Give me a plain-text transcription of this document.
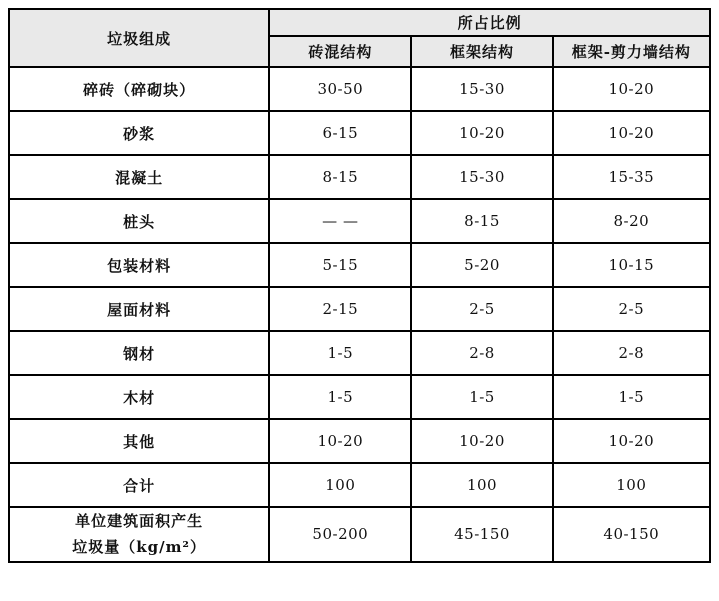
垃圾组成	所占比例		
	砖混结构	框架结构	框架-剪力墙结构
碎砖（碎砌块）	30-50	15-30	10-20
砂浆	6-15	10-20	10-20
混凝土	8-15	15-30	15-35
桩头	— —	8-15	8-20
包装材料	5-15	5-20	10-15
屋面材料	2-15	2-5	2-5
钢材	1-5	2-8	2-8
木材	1-5	1-5	1-5
其他	10-20	10-20	10-20
合计	100	100	100

单位建筑面积产生
垃圾量（kg/m²）	50-200	45-150	40-150
